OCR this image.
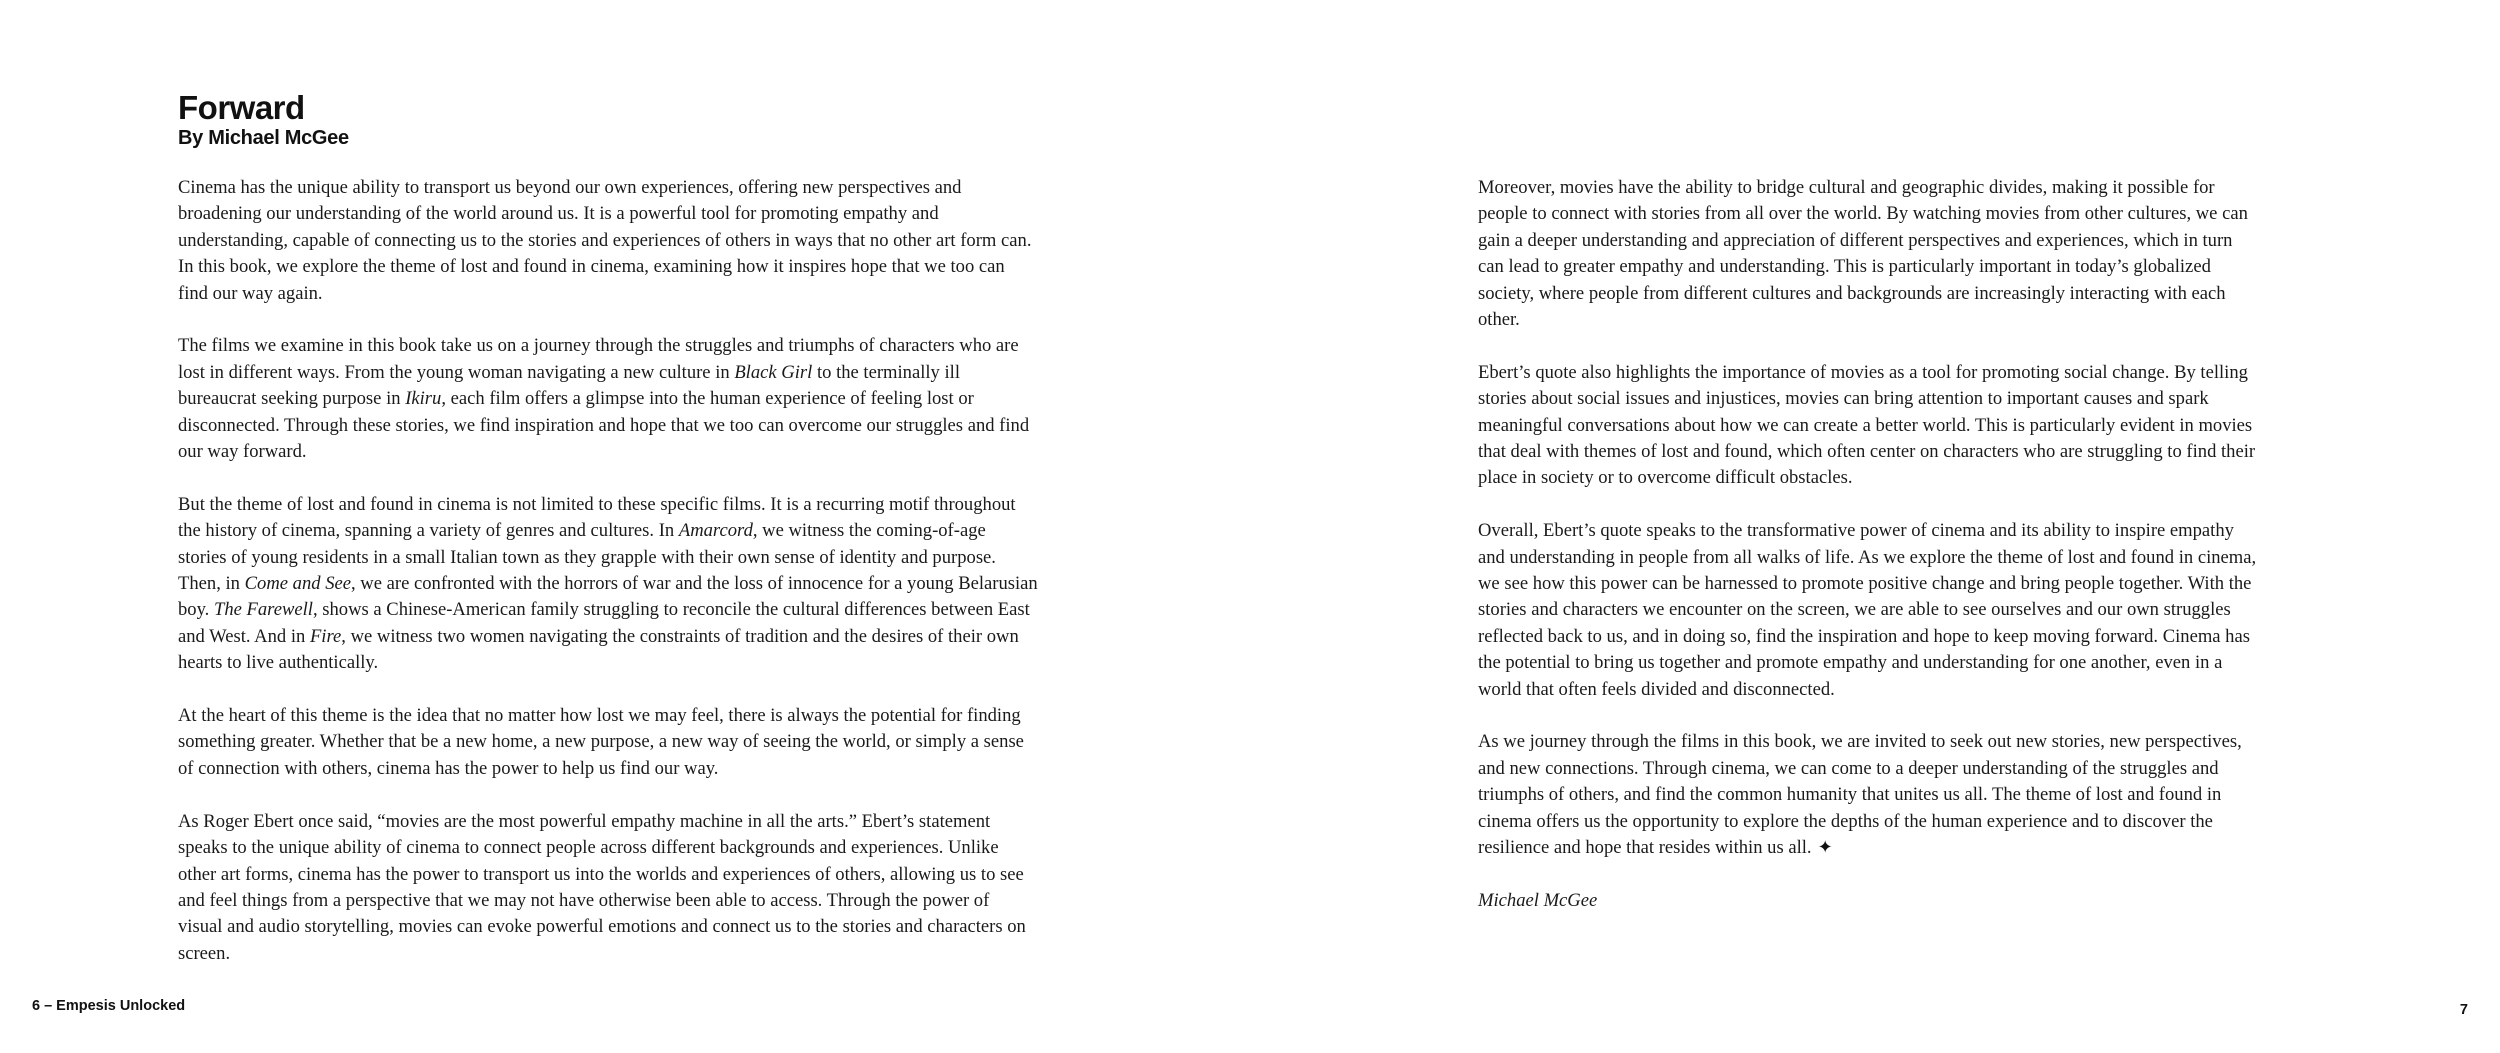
Forward
By Michael McGee

Cinema has the unique ability to transport us beyond our own experiences, offering new perspectives and broadening our understanding of the world around us. It is a powerful tool for promoting empathy and understanding, capable of connecting us to the stories and experiences of others in ways that no other art form can. In this book, we explore the theme of lost and found in cinema, examining how it inspires hope that we too can find our way again.

The films we examine in this book take us on a journey through the struggles and triumphs of characters who are lost in different ways. From the young woman navigating a new culture in Black Girl to the terminally ill bureaucrat seeking purpose in Ikiru, each film offers a glimpse into the human experience of feeling lost or disconnected. Through these stories, we find inspiration and hope that we too can overcome our struggles and find our way forward.

But the theme of lost and found in cinema is not limited to these specific films. It is a recurring motif throughout the history of cinema, spanning a variety of genres and cultures. In Amarcord, we witness the coming-of-age stories of young residents in a small Italian town as they grapple with their own sense of identity and purpose. Then, in Come and See, we are confronted with the horrors of war and the loss of innocence for a young Belarusian boy. The Farewell, shows a Chinese-American family struggling to reconcile the cultural differences between East and West. And in Fire, we witness two women navigating the constraints of tradition and the desires of their own hearts to live authentically.

At the heart of this theme is the idea that no matter how lost we may feel, there is always the potential for finding something greater. Whether that be a new home, a new purpose, a new way of seeing the world, or simply a sense of connection with others, cinema has the power to help us find our way.

As Roger Ebert once said, “movies are the most powerful empathy machine in all the arts.” Ebert’s statement speaks to the unique ability of cinema to connect people across different backgrounds and experiences. Unlike other art forms, cinema has the power to transport us into the worlds and experiences of others, allowing us to see and feel things from a perspective that we may not have otherwise been able to access. Through the power of visual and audio storytelling, movies can evoke powerful emotions and connect us to the stories and characters on screen.

6 – Empesis Unlocked

Moreover, movies have the ability to bridge cultural and geographic divides, making it possible for people to connect with stories from all over the world. By watching movies from other cultures, we can gain a deeper understanding and appreciation of different perspectives and experiences, which in turn can lead to greater empathy and understanding. This is particularly important in today’s globalized society, where people from different cultures and backgrounds are increasingly interacting with each other.

Ebert’s quote also highlights the importance of movies as a tool for promoting social change. By telling stories about social issues and injustices, movies can bring attention to important causes and spark meaningful conversations about how we can create a better world. This is particularly evident in movies that deal with themes of lost and found, which often center on characters who are struggling to find their place in society or to overcome difficult obstacles.

Overall, Ebert’s quote speaks to the transformative power of cinema and its ability to inspire empathy and understanding in people from all walks of life. As we explore the theme of lost and found in cinema, we see how this power can be harnessed to promote positive change and bring people together. With the stories and characters we encounter on the screen, we are able to see ourselves and our own struggles reflected back to us, and in doing so, find the inspiration and hope to keep moving forward. Cinema has the potential to bring us together and promote empathy and understanding for one another, even in a world that often feels divided and disconnected.

As we journey through the films in this book, we are invited to seek out new stories, new perspectives, and new connections. Through cinema, we can come to a deeper understanding of the struggles and triumphs of others, and find the common humanity that unites us all. The theme of lost and found in cinema offers us the opportunity to explore the depths of the human experience and to discover the resilience and hope that resides within us all. ✦

Michael McGee

7
